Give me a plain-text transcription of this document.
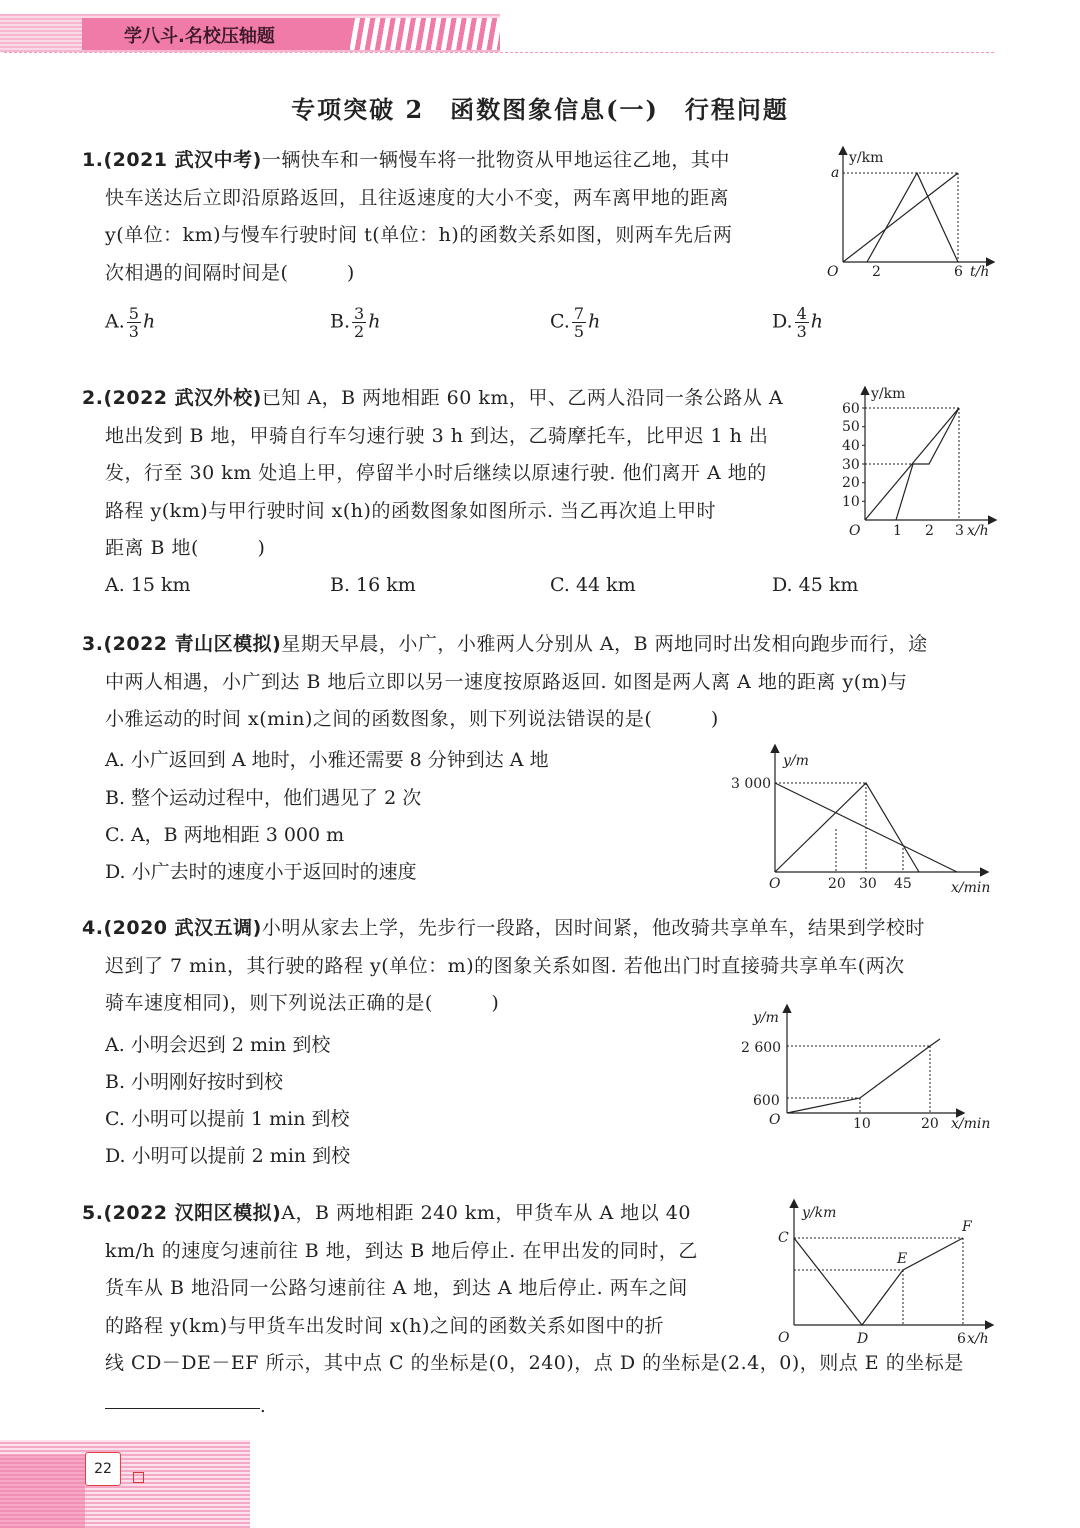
学八斗.名校压轴题
专项突破 2　函数图象信息(一)　行程问题
1.(2021 武汉中考)一辆快车和一辆慢车将一批物资从甲地运往乙地，其中
快车送达后立即沿原路返回，且往返速度的大小不变，两车离甲地的距离
y(单位：km)与慢车行驶时间 t(单位：h)的函数关系如图，则两车先后两
次相遇的间隔时间是(　　　)
A. $\frac{5}{3}$ h	B. $\frac{3}{2}$ h	C. $\frac{7}{5}$ h	D. $\frac{4}{3}$ h
y/km
a
O 2	6 t/h
2.(2022 武汉外校)已知 A，B 两地相距 60 km，甲、乙两人沿同一条公路从 A
地出发到 B 地，甲骑自行车匀速行驶 3 h 到达，乙骑摩托车，比甲迟 1 h 出
发，行至 30 km 处追上甲，停留半小时后继续以原速行驶. 他们离开 A 地的
路程 y(km)与甲行驶时间 x(h)的函数图象如图所示. 当乙再次追上甲时
距离 B 地(　　　)
A. 15 km	B. 16 km	C. 44 km	D. 45 km
y/km
60
50
40
30
20
10
O 1 2 3 x/h
3.(2022 青山区模拟)星期天早晨，小广，小雅两人分别从 A，B 两地同时出发相向跑步而行，途
中两人相遇，小广到达 B 地后立即以另一速度按原路返回. 如图是两人离 A 地的距离 y(m)与
小雅运动的时间 x(min)之间的函数图象，则下列说法错误的是(　　　)
A. 小广返回到 A 地时，小雅还需要 8 分钟到达 A 地
B. 整个运动过程中，他们遇见了 2 次
C. A，B 两地相距 3 000 m
D. 小广去时的速度小于返回时的速度
y/m
3 000
O	20 30 45	x/min
4.(2020 武汉五调)小明从家去上学，先步行一段路，因时间紧，他改骑共享单车，结果到学校时
迟到了 7 min，其行驶的路程 y(单位：m)的图象关系如图. 若他出门时直接骑共享单车(两次
骑车速度相同)，则下列说法正确的是(　　　)
A. 小明会迟到 2 min 到校
B. 小明刚好按时到校
C. 小明可以提前 1 min 到校
D. 小明可以提前 2 min 到校
y/m
2 600
600
O	10	20 x/min
5.(2022 汉阳区模拟)A，B 两地相距 240 km，甲货车从 A 地以 40
km/h 的速度匀速前往 B 地，到达 B 地后停止. 在甲出发的同时，乙
货车从 B 地沿同一公路匀速前往 A 地，到达 A 地后停止. 两车之间
的路程 y(km)与甲货车出发时间 x(h)之间的函数关系如图中的折
线 CD－DE－EF 所示，其中点 C 的坐标是(0，240)，点 D 的坐标是(2.4，0)，则点 E 的坐标是
.
y/km
C
O	D
E
F
6 x/h
22
